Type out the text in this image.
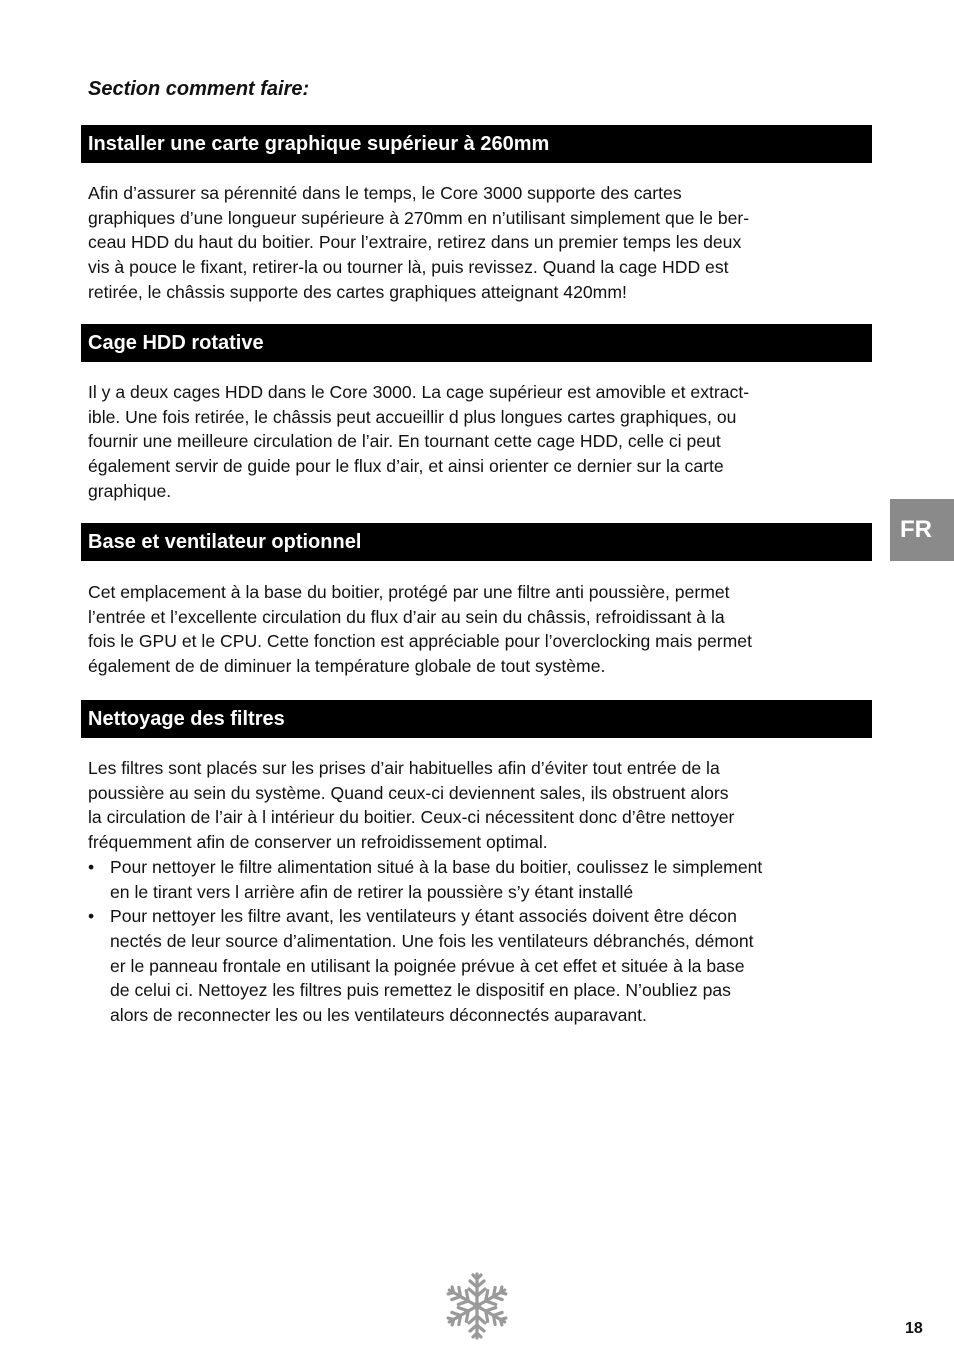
Section comment faire:
Installer une carte graphique supérieur à 260mm
Afin d’assurer sa pérennité dans le temps, le Core 3000 supporte des cartes
graphiques d’une longueur supérieure à 270mm en n’utilisant simplement que le ber-
ceau HDD du haut du boitier. Pour l’extraire, retirez dans un premier temps les deux
vis à pouce le fixant, retirer-la ou tourner là, puis revissez. Quand la cage HDD est
retirée, le châssis supporte des cartes graphiques atteignant 420mm!
Cage HDD rotative
Il y a deux cages HDD dans le Core 3000. La cage supérieur est amovible et extract-
ible. Une fois retirée, le châssis peut accueillir d plus longues cartes graphiques, ou
fournir une meilleure circulation de l’air. En tournant cette cage HDD, celle ci peut
également servir de guide pour le flux d’air, et ainsi orienter ce dernier sur la carte
graphique.
Base et ventilateur optionnel
Cet emplacement à la base du boitier, protégé par une filtre anti poussière, permet
l’entrée et l’excellente circulation du flux d’air au sein du châssis, refroidissant à la
fois le GPU et le CPU. Cette fonction est appréciable pour l’overclocking mais permet
également de de diminuer la température globale de tout système.
Nettoyage des filtres
Les filtres sont placés sur les prises d’air habituelles afin d’éviter tout entrée de la
poussière au sein du système. Quand ceux-ci deviennent sales, ils obstruent alors
la circulation de l’air à l intérieur du boitier. Ceux-ci nécessitent donc d’être nettoyer
fréquemment afin de conserver un refroidissement optimal.
• Pour nettoyer le filtre alimentation situé à la base du boitier, coulissez le simplement
en le tirant vers l arrière afin de retirer la poussière s’y étant installé
• Pour nettoyer les filtre avant, les ventilateurs y étant associés doivent être décon
nectés de leur source d’alimentation. Une fois les ventilateurs débranchés, démont
er le panneau frontale en utilisant la poignée prévue à cet effet et située à la base
de celui ci. Nettoyez les filtres puis remettez le dispositif en place. N’oubliez pas
alors de reconnecter les ou les ventilateurs déconnectés auparavant.
FR
18
